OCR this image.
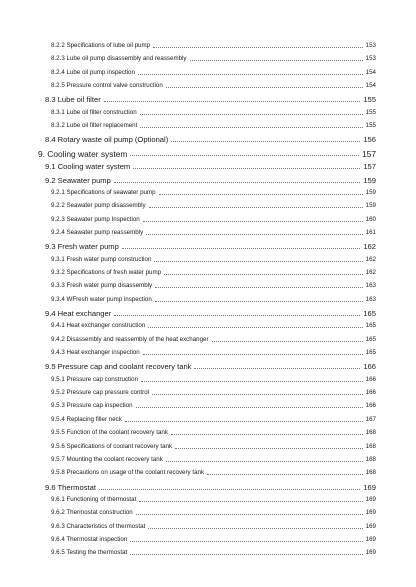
8.2.2 Specifications of lube oil pump	153
8.2.3 Lube oil pump disassembly and reassembly	153
8.2.4 Lube oil pump inspection	154
8.2.5 Pressure control valve construction	154
8.3 Lube oil filter	155
8.3.1 Lube oil filter construction	155
8.3.2 Lube oil filter replacement	155
8.4 Rotary waste oil pump (Optional)	156
9. Cooling water system	157
9.1 Cooling water system	157
9.2 Seawater pump	159
9.2.1 Specifications of seawater pump	159
9.2.2 Seawater pump disassembly	159
9.2.3 Seawater pump Inspection	160
9.2.4 Seawater pump reassembly	161
9.3 Fresh water pump	162
9.3.1 Fresh water pump construction	162
9.3.2 Specifications of fresh water pump	162
9.3.3 Fresh water pump disassembly	163
9.3.4 WFresh water pump inspection	163
9.4 Heat exchanger	165
9.4.1 Heat exchanger construction	165
9.4.2 Disassembly and reassembly of the heat exchanger	165
9.4.3 Heat exchanger inspection	165
9.5 Pressure cap and coolant recovery tank	166
9.5.1 Pressure cap construction	166
9.5.2 Pressure cap pressure control	166
9.5.3 Pressure cap inspection	166
9.5.4 Replacing filler neck	167
9.5.5 Function of the coolant recovery tank	168
9.5.6 Specifications of coolant recovery tank	168
9.5.7 Mounting the coolant recovery tank	168
9.5.8 Precautions on usage of the coolant recovery tank	168
9.6 Thermostat	169
9.6.1 Functioning of thermostat	169
9.6.2 Thermostat construction	169
9.6.3 Characteristics of thermostat	169
9.6.4 Thermostat inspection	169
9.6.5 Testing the thermostat	169
